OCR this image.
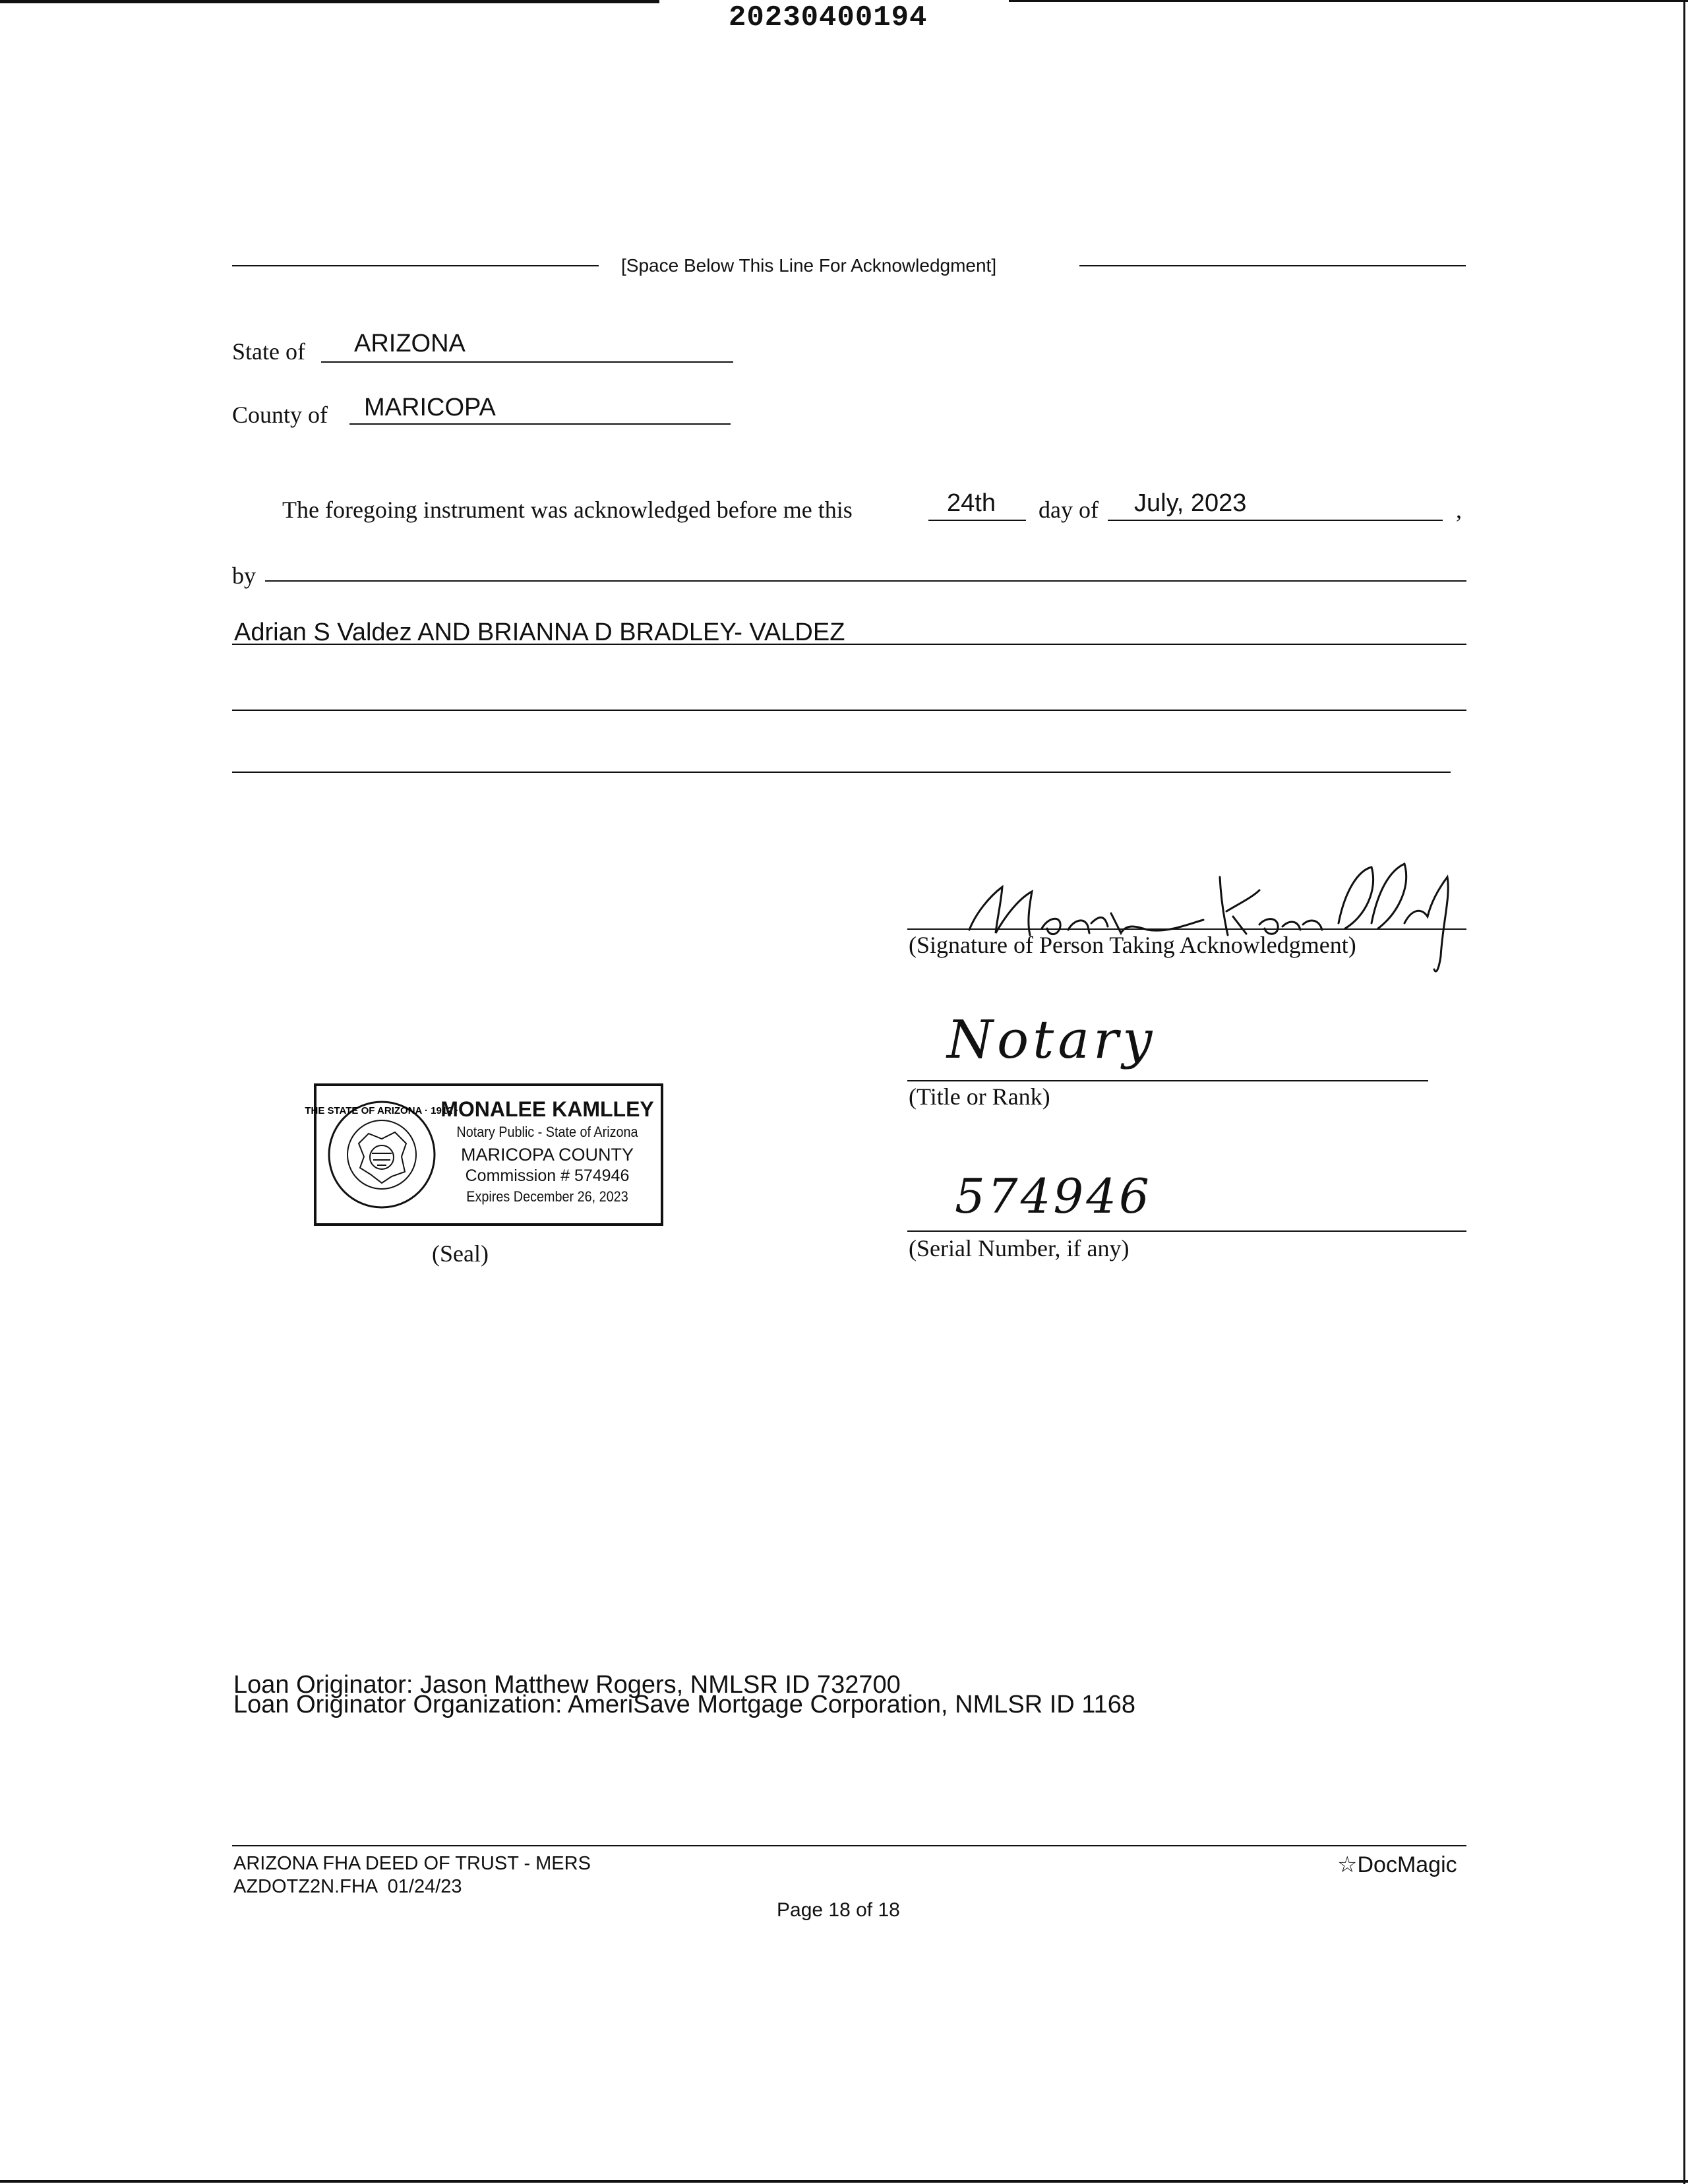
20230400194
[Space Below This Line For Acknowledgment]
State of ARIZONA
County of MARICOPA
The foregoing instrument was acknowledged before me this	24th day of July, 2023	,
by
Adrian S Valdez AND BRIANNA D BRADLEY- VALDEZ
(Signature of Person Taking Acknowledgment)
Notary
(Title or Rank)
574946
(Serial Number, if any)
THE STATE OF ARIZONA · 1912 ·
MONALEE KAMLLEY
Notary Public - State of Arizona
MARICOPA COUNTY
Commission # 574946
Expires December 26, 2023
(Seal)
Loan Originator: Jason Matthew Rogers, NMLSR ID 732700
Loan Originator Organization: AmeriSave Mortgage Corporation, NMLSR ID 1168
ARIZONA FHA DEED OF TRUST - MERS
AZDOTZ2N.FHA  01/24/23
Page 18 of 18
☆DocMagic
